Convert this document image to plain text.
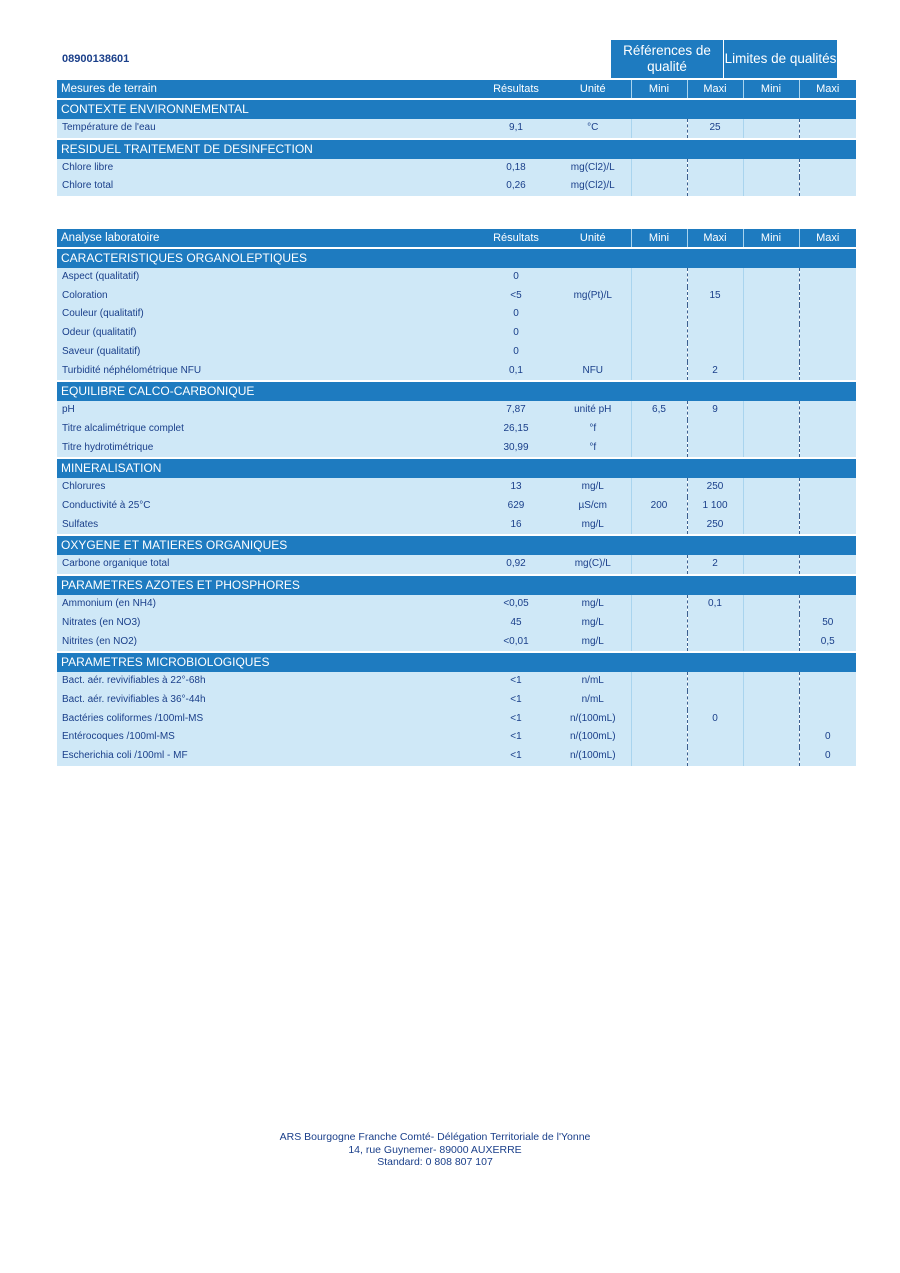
08900138601
Références de qualité
Limites de qualités
Mesures de terrain	Résultats	Unité	Mini	Maxi	Mini	Maxi
CONTEXTE ENVIRONNEMENTAL						
Température de l'eau	9,1	°C		25		
RESIDUEL TRAITEMENT DE DESINFECTION						
Chlore libre	0,18	mg(Cl2)/L				
Chlore total	0,26	mg(Cl2)/L				
Analyse laboratoire	Résultats	Unité	Mini	Maxi	Mini	Maxi
CARACTERISTIQUES ORGANOLEPTIQUES						
Aspect (qualitatif)	0					
Coloration	<5	mg(Pt)/L		15		
Couleur (qualitatif)	0					
Odeur (qualitatif)	0					
Saveur (qualitatif)	0					
Turbidité néphélométrique NFU	0,1	NFU		2		
EQUILIBRE CALCO-CARBONIQUE						
pH	7,87	unité pH	6,5	9		
Titre alcalimétrique complet	26,15	°f				
Titre hydrotimétrique	30,99	°f				
MINERALISATION						
Chlorures	13	mg/L		250		
Conductivité à 25°C	629	µS/cm	200	1 100		
Sulfates	16	mg/L		250		
OXYGENE ET MATIERES ORGANIQUES						
Carbone organique total	0,92	mg(C)/L		2		
PARAMETRES AZOTES ET PHOSPHORES						
Ammonium (en NH4)	<0,05	mg/L		0,1		
Nitrates (en NO3)	45	mg/L				50
Nitrites (en NO2)	<0,01	mg/L				0,5
PARAMETRES MICROBIOLOGIQUES						
Bact. aér. revivifiables à 22°-68h	<1	n/mL				
Bact. aér. revivifiables à 36°-44h	<1	n/mL				
Bactéries coliformes /100ml-MS	<1	n/(100mL)		0		
Entérocoques /100ml-MS	<1	n/(100mL)				0
Escherichia coli /100ml - MF	<1	n/(100mL)				0
ARS Bourgogne Franche Comté- Délégation Territoriale de l'Yonne
14, rue Guynemer- 89000 AUXERRE
Standard: 0 808 807 107
